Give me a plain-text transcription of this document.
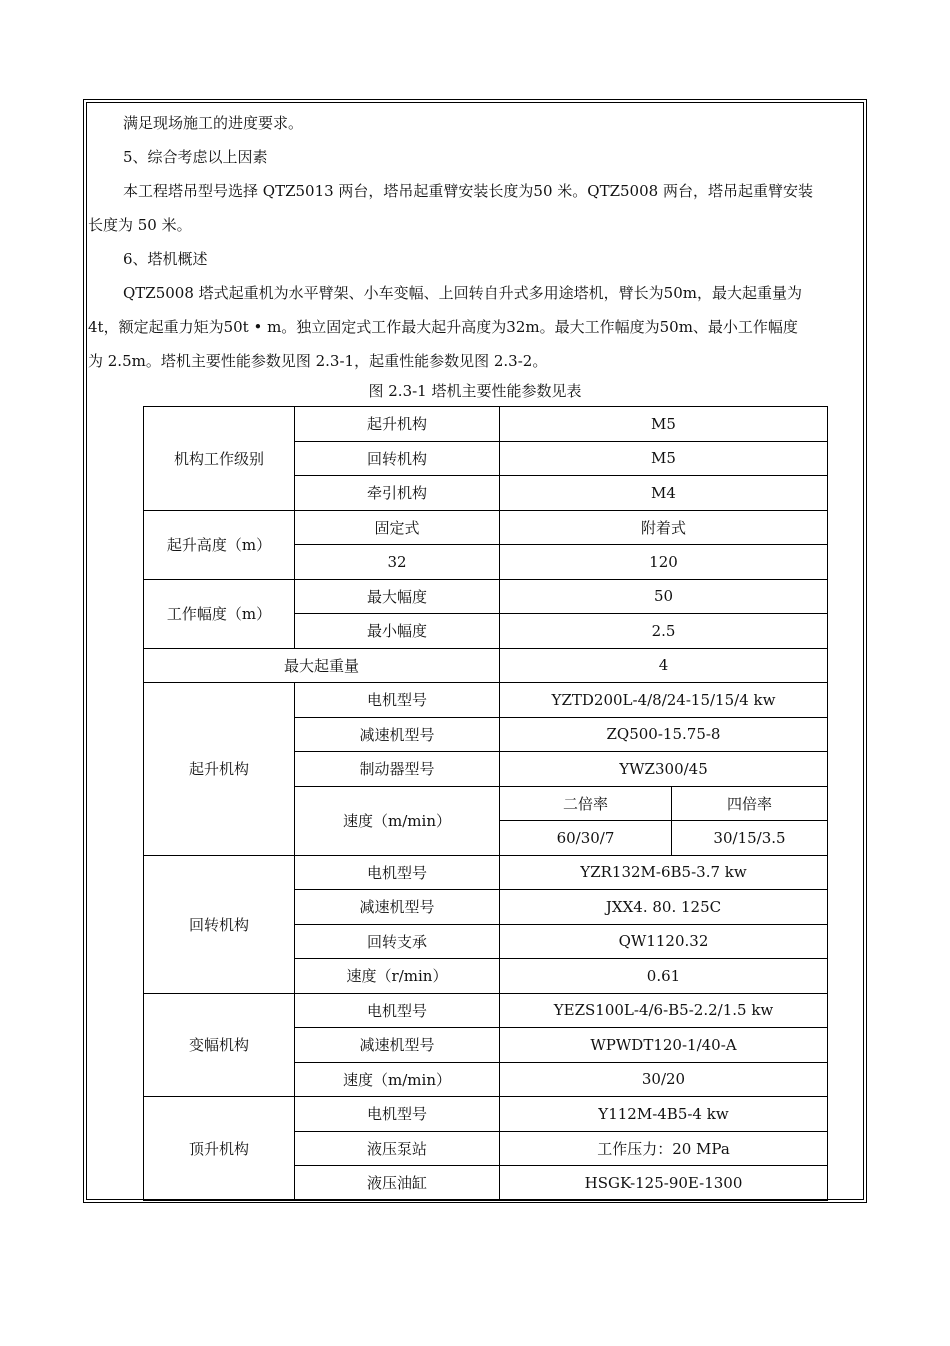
满足现场施工的进度要求。
5、综合考虑以上因素
本工程塔吊型号选择 QTZ5013 两台，塔吊起重臂安装长度为50 米。QTZ5008 两台，塔吊起重臂安装
长度为 50 米。
6、塔机概述
QTZ5008 塔式起重机为水平臂架、小车变幅、上回转自升式多用途塔机，臂长为50m，最大起重量为
4t，额定起重力矩为50t • m。独立固定式工作最大起升高度为32m。最大工作幅度为50m、最小工作幅度
为 2.5m。塔机主要性能参数见图 2.3-1，起重性能参数见图 2.3-2。
图 2.3-1 塔机主要性能参数见表
机构工作级别	起升机构	M5	
	回转机构	M5	
	牵引机构	M4	
起升高度（m）	固定式	附着式	
	32	120	
工作幅度（m）	最大幅度	50	
	最小幅度	2.5	
最大起重量		4	
起升机构	电机型号	YZTD200L-4/8/24-15/15/4 kw	
	减速机型号	ZQ500-15.75-8	
	制动器型号	YWZ300/45	
	速度（m/min）	二倍率	四倍率
		60/30/7	30/15/3.5
回转机构	电机型号	YZR132M-6B5-3.7 kw	
	减速机型号	JXX4. 80. 125C	
	回转支承	QW1120.32	
	速度（r/min）	0.61	
变幅机构	电机型号	YEZS100L-4/6-B5-2.2/1.5 kw	
	减速机型号	WPWDT120-1/40-A	
	速度（m/min）	30/20	
顶升机构	电机型号	Y112M-4B5-4 kw	
	液压泵站	工作压力：20 MPa	
	液压油缸	HSGK-125-90E-1300	
